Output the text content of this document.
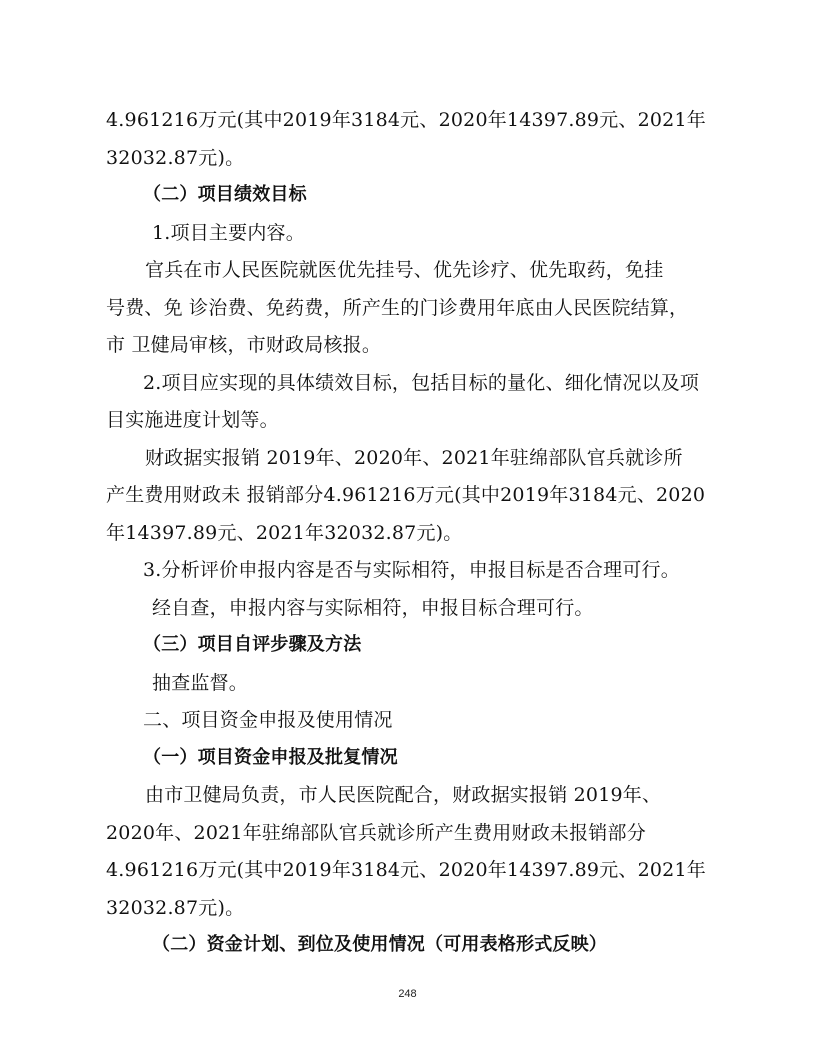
4.961216万元(其中2019年3184元、2020年14397.89元、2021年
32032.87元)。
（二）项目绩效目标
1.项目主要内容。
官兵在市人民医院就医优先挂号、优先诊疗、优先取药，免挂
号费、免 诊治费、免药费，所产生的门诊费用年底由人民医院结算，
市 卫健局审核，市财政局核报。
2.项目应实现的具体绩效目标，包括目标的量化、细化情况以及项
目实施进度计划等。
财政据实报销 2019年、2020年、2021年驻绵部队官兵就诊所
产生费用财政未 报销部分4.961216万元(其中2019年3184元、2020
年14397.89元、2021年32032.87元)。
3.分析评价申报内容是否与实际相符，申报目标是否合理可行。
经自查，申报内容与实际相符，申报目标合理可行。
（三）项目自评步骤及方法
抽查监督。
二、项目资金申报及使用情况
（一）项目资金申报及批复情况
由市卫健局负责，市人民医院配合，财政据实报销 2019年、
2020年、2021年驻绵部队官兵就诊所产生费用财政未报销部分
4.961216万元(其中2019年3184元、2020年14397.89元、2021年
32032.87元)。
（二）资金计划、到位及使用情况（可用表格形式反映）
248
